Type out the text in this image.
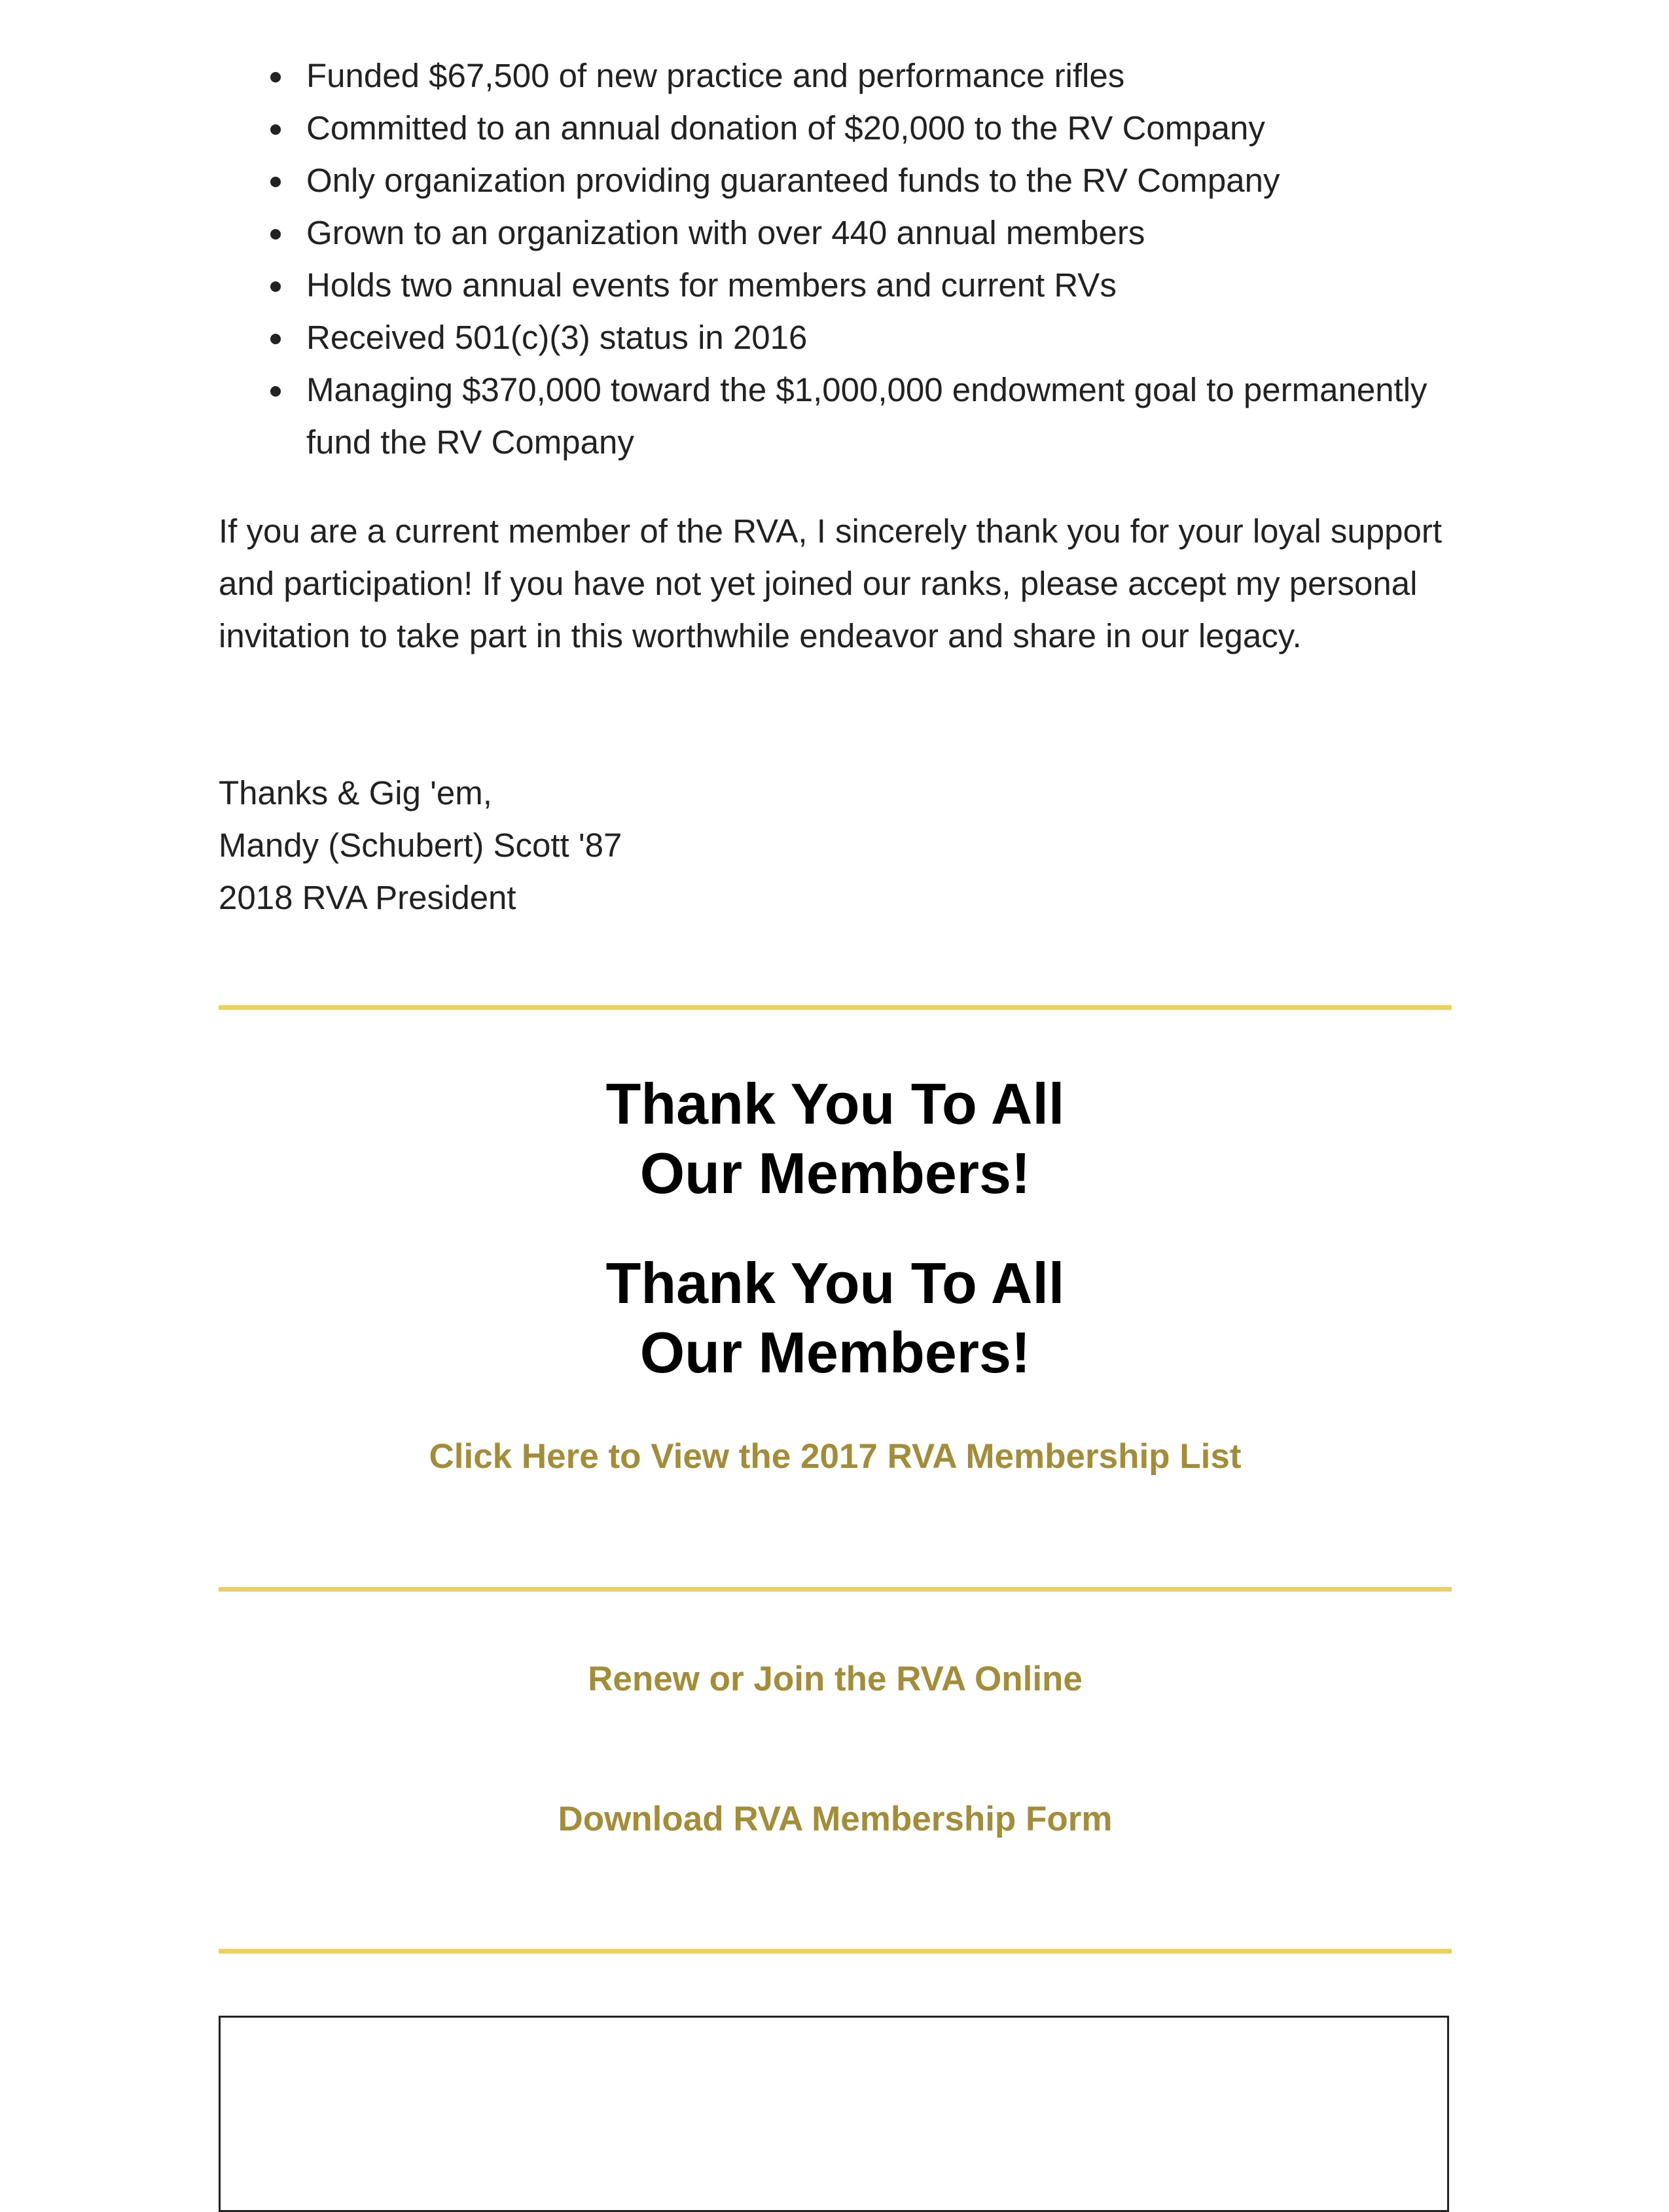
Funded $67,500 of new practice and performance rifles
Committed to an annual donation of $20,000 to the RV Company
Only organization providing guaranteed funds to the RV Company
Grown to an organization with over 440 annual members
Holds two annual events for members and current RVs
Received 501(c)(3) status in 2016
Managing $370,000 toward the $1,000,000 endowment goal to permanently fund the RV Company

If you are a current member of the RVA, I sincerely thank you for your loyal support and participation! If you have not yet joined our ranks, please accept my personal invitation to take part in this worthwhile endeavor and share in our legacy.

Thanks & Gig 'em,
Mandy (Schubert) Scott '87
2018 RVA President
Thank You To All
Our Members!
Thank You To All
Our Members!
Click Here to View the 2017 RVA Membership List
Renew or Join the RVA Online
Download RVA Membership Form
